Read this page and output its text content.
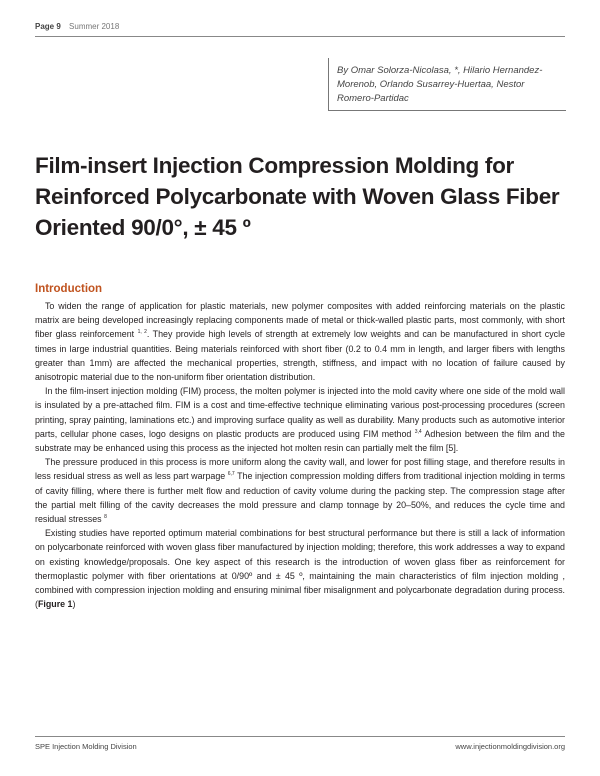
Page 9 Summer 2018
By Omar Solorza-Nicolasa, *, Hilario Hernandez-Morenob, Orlando Susarrey-Huertaa, Nestor Romero-Partidac
Film-insert Injection Compression Molding for
Reinforced Polycarbonate with Woven Glass Fiber
Oriented 90/0°, ± 45 º
Introduction

To widen the range of application for plastic materials, new polymer composites with added reinforcing materials on the plastic matrix are being developed increasingly replacing components made of metal or thick-walled plastic parts, most commonly, with short fiber glass reinforcement $^{1, 2}$. They provide high levels of strength at extremely low weights and can be manufactured in short cycle times in large industrial quantities. Being materials reinforced with short fiber (0.2 to 0.4 mm in length, and larger fibers with lengths greater than 1mm) are affected the mechanical properties, strength, stiffness, and impact with no location of failure caused by anisotropic material due to the non-uniform fiber orientation distribution.

In the film-insert injection molding (FIM) process, the molten polymer is injected into the mold cavity where one side of the mold wall is insulated by a pre-attached film. FIM is a cost and time-effective technique eliminating various post-processing procedures (screen printing, spray painting, laminations etc.) and improving surface quality as well as durability. Many products such as automotive interior parts, cellular phone cases, logo designs on plastic products are produced using FIM method $^{3,4}$ Adhesion between the film and the substrate may be enhanced using this process as the injected hot molten resin can partially melt the film [5].

The pressure produced in this process is more uniform along the cavity wall, and lower for post filling stage, and therefore results in less residual stress as well as less part warpage $^{6,7}$ The injection compression molding differs from traditional injection molding in terms of cavity filling, where there is further melt flow and reduction of cavity volume during the packing step. The compression stage after the partial melt filling of the cavity decreases the mold pressure and clamp tonnage by 20–50%, and reduces the cycle time and residual stresses $^8$

Existing studies have reported optimum material combinations for best structural performance but there is still a lack of information on polycarbonate reinforced with woven glass fiber manufactured by injection molding; therefore, this work addresses a way to expand on existing knowledge/proposals. One key aspect of this research is the introduction of woven glass fiber as reinforcement for thermoplastic polymer with fiber orientations at 0/90º and ± 45 º, maintaining the main characteristics of film injection molding , combined with compression injection molding and ensuring minimal fiber misalignment and polycarbonate degradation during process. (Figure 1)

SPE Injection Molding Division	www.injectionmoldingdivision.org
